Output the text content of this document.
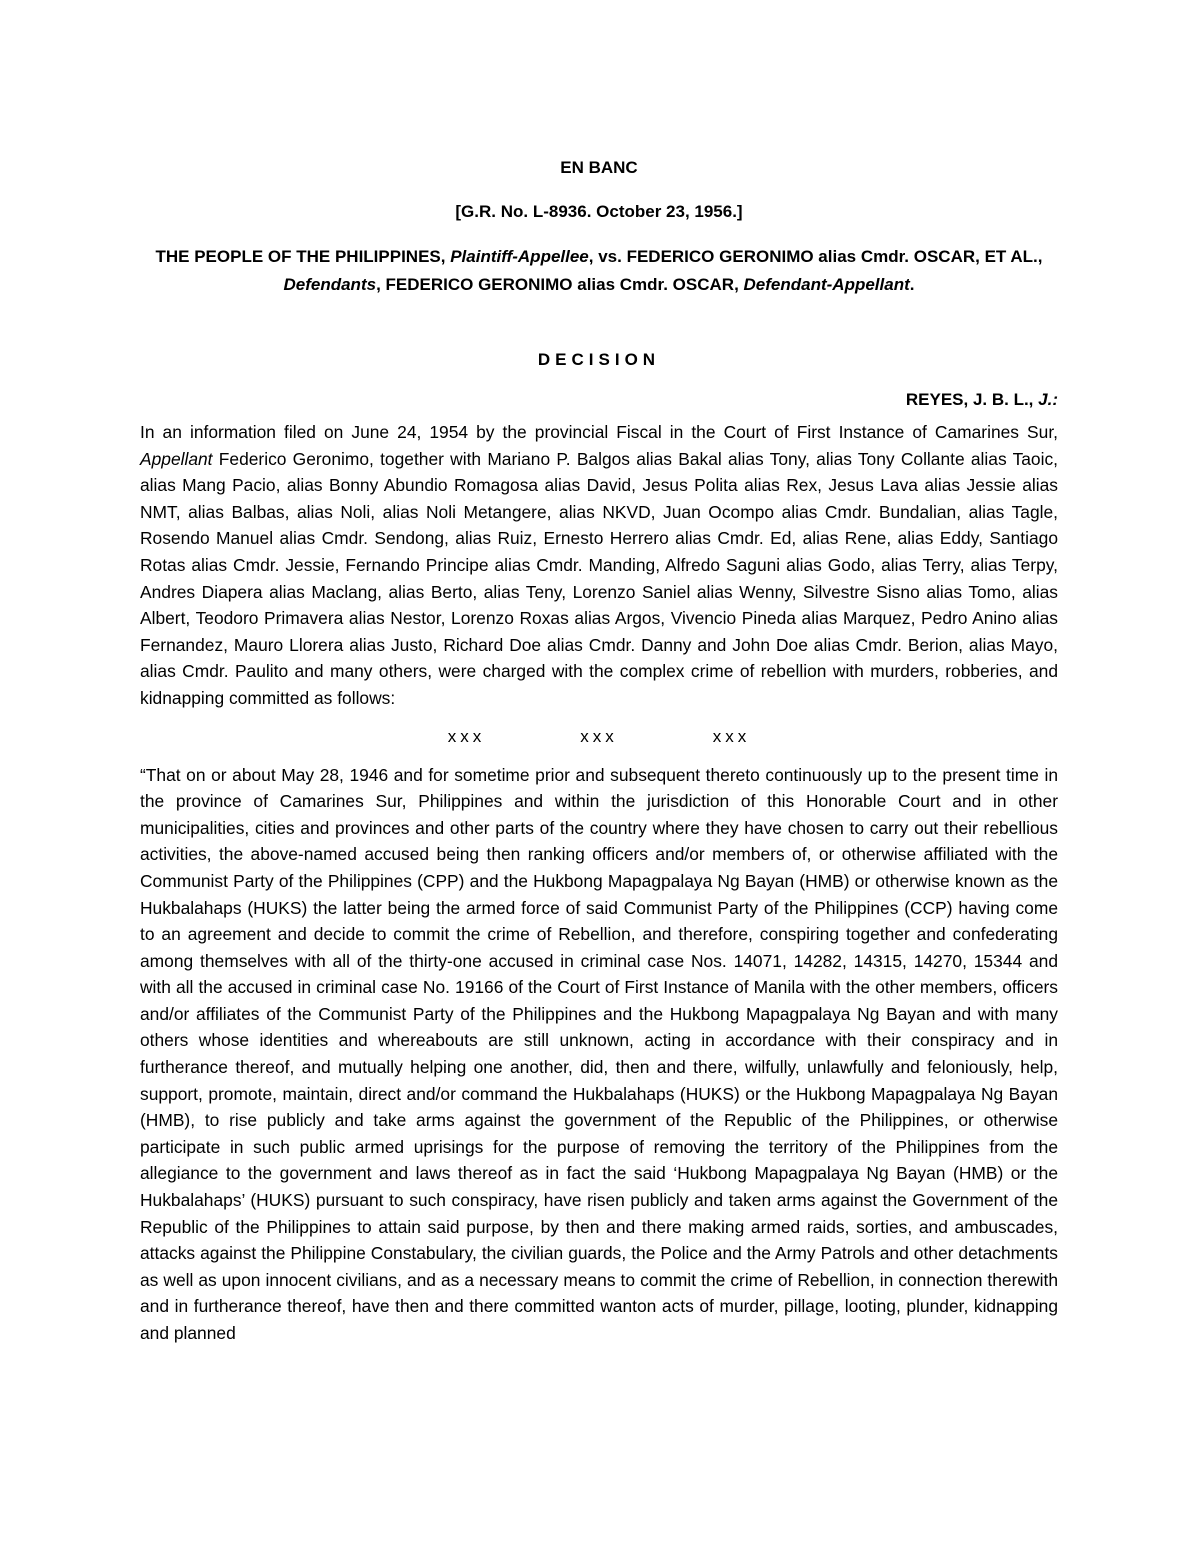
EN BANC

[G.R. No. L-8936. October 23, 1956.]

THE PEOPLE OF THE PHILIPPINES, Plaintiff-Appellee, vs. FEDERICO GERONIMO alias Cmdr. OSCAR, ET AL., Defendants, FEDERICO GERONIMO alias Cmdr. OSCAR, Defendant-Appellant.

DECISION

REYES, J. B. L., J.:

In an information filed on June 24, 1954 by the provincial Fiscal in the Court of First Instance of Camarines Sur, Appellant Federico Geronimo, together with Mariano P. Balgos alias Bakal alias Tony, alias Tony Collante alias Taoic, alias Mang Pacio, alias Bonny Abundio Romagosa alias David, Jesus Polita alias Rex, Jesus Lava alias Jessie alias NMT, alias Balbas, alias Noli, alias Noli Metangere, alias NKVD, Juan Ocompo alias Cmdr. Bundalian, alias Tagle, Rosendo Manuel alias Cmdr. Sendong, alias Ruiz, Ernesto Herrero alias Cmdr. Ed, alias Rene, alias Eddy, Santiago Rotas alias Cmdr. Jessie, Fernando Principe alias Cmdr. Manding, Alfredo Saguni alias Godo, alias Terry, alias Terpy, Andres Diapera alias Maclang, alias Berto, alias Teny, Lorenzo Saniel alias Wenny, Silvestre Sisno alias Tomo, alias Albert, Teodoro Primavera alias Nestor, Lorenzo Roxas alias Argos, Vivencio Pineda alias Marquez, Pedro Anino alias Fernandez, Mauro Llorera alias Justo, Richard Doe alias Cmdr. Danny and John Doe alias Cmdr. Berion, alias Mayo, alias Cmdr. Paulito and many others, were charged with the complex crime of rebellion with murders, robberies, and kidnapping committed as follows:

xxx	xxx	xxx

“That on or about May 28, 1946 and for sometime prior and subsequent thereto continuously up to the present time in the province of Camarines Sur, Philippines and within the jurisdiction of this Honorable Court and in other municipalities, cities and provinces and other parts of the country where they have chosen to carry out their rebellious activities, the above-named accused being then ranking officers and/or members of, or otherwise affiliated with the Communist Party of the Philippines (CPP) and the Hukbong Mapagpalaya Ng Bayan (HMB) or otherwise known as the Hukbalahaps (HUKS) the latter being the armed force of said Communist Party of the Philippines (CCP) having come to an agreement and decide to commit the crime of Rebellion, and therefore, conspiring together and confederating among themselves with all of the thirty-one accused in criminal case Nos. 14071, 14282, 14315, 14270, 15344 and with all the accused in criminal case No. 19166 of the Court of First Instance of Manila with the other members, officers and/or affiliates of the Communist Party of the Philippines and the Hukbong Mapagpalaya Ng Bayan and with many others whose identities and whereabouts are still unknown, acting in accordance with their conspiracy and in furtherance thereof, and mutually helping one another, did, then and there, wilfully, unlawfully and feloniously, help, support, promote, maintain, direct and/or command the Hukbalahaps (HUKS) or the Hukbong Mapagpalaya Ng Bayan (HMB), to rise publicly and take arms against the government of the Republic of the Philippines, or otherwise participate in such public armed uprisings for the purpose of removing the territory of the Philippines from the allegiance to the government and laws thereof as in fact the said ‘Hukbong Mapagpalaya Ng Bayan (HMB) or the Hukbalahaps’ (HUKS) pursuant to such conspiracy, have risen publicly and taken arms against the Government of the Republic of the Philippines to attain said purpose, by then and there making armed raids, sorties, and ambuscades, attacks against the Philippine Constabulary, the civilian guards, the Police and the Army Patrols and other detachments as well as upon innocent civilians, and as a necessary means to commit the crime of Rebellion, in connection therewith and in furtherance thereof, have then and there committed wanton acts of murder, pillage, looting, plunder, kidnapping and planned
